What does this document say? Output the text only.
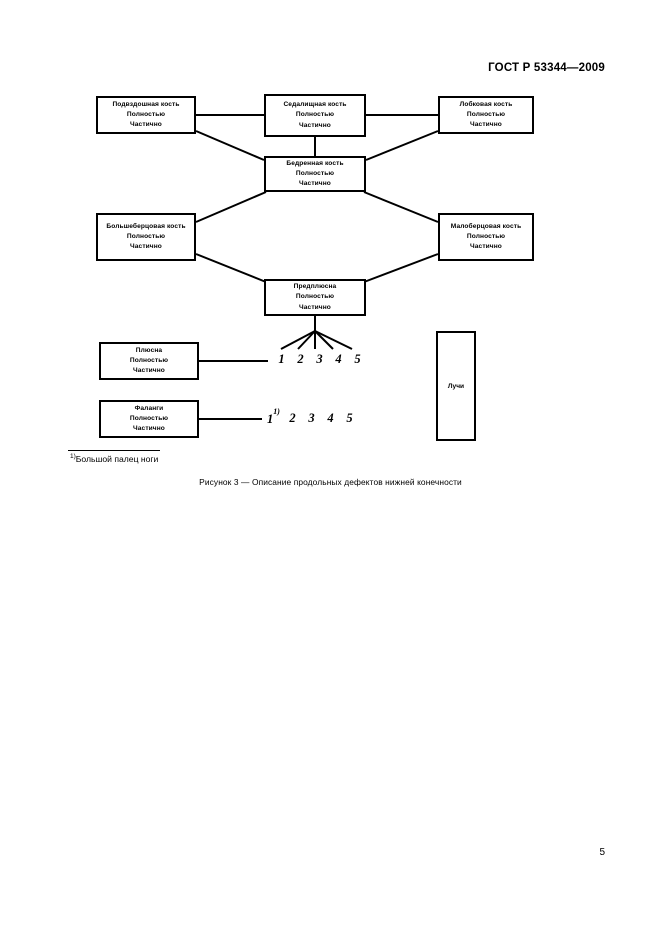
ГОСТ Р 53344—2009
Подвздошная кость
Полностью
Частично
Седалищная кость
Полностью
Частично
Лобковая кость
Полностью
Частично
Бедренная кость
Полностью
Частично
Большеберцовая кость
Полностью
Частично
Малоберцовая кость
Полностью
Частично
Предплюсна
Полностью
Частично
Плюсна
Полностью
Частично
Фаланги
Полностью
Частично
Лучи
1	2	3	4	5
11) 2	3	4	5
$^{1)}$Большой палец ноги
Рисунок 3 — Описание продольных дефектов нижней конечности
5
